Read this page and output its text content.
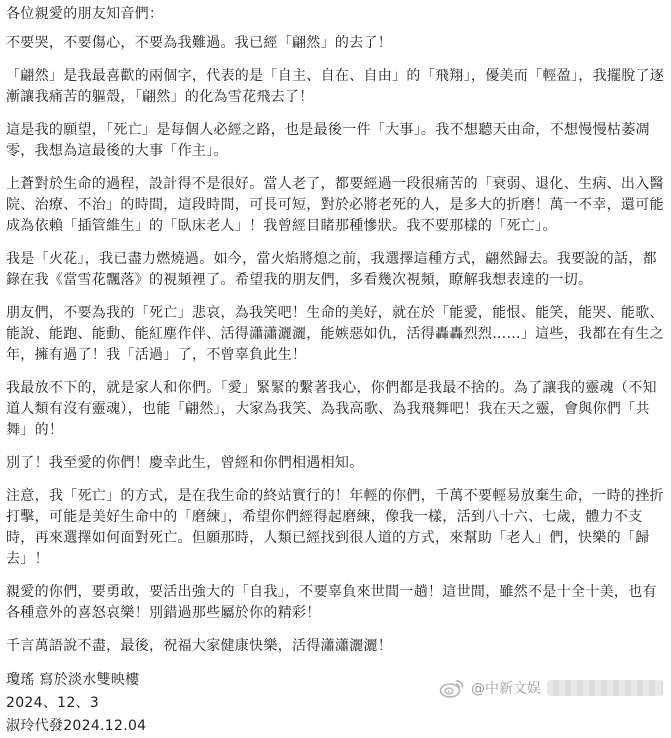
各位親愛的朋友知音們：

不要哭，不要傷心，不要為我難過。我已經「翩然」的去了！

「翩然」是我最喜歡的兩個字，代表的是「自主、自在、自由」的「飛翔」，優美而「輕盈」，我擺脫了逐漸讓我痛苦的軀殼，「翩然」的化為雪花飛去了！

這是我的願望，「死亡」是每個人必經之路，也是最後一件「大事」。我不想聽天由命，不想慢慢枯萎凋零，我想為這最後的大事「作主」。

上蒼對於生命的過程，設計得不是很好。當人老了，都要經過一段很痛苦的「衰弱、退化、生病、出入醫院、治療、不治」的時間，這段時間，可長可短，對於必將老死的人，是多大的折磨！萬一不幸，還可能成為依賴「插管維生」的「臥床老人」！我曾經目睹那種慘狀。我不要那樣的「死亡」。

我是「火花」，我已盡力燃燒過。如今，當火焰將熄之前，我選擇這種方式，翩然歸去。我要說的話，都錄在我《當雪花飄落》的視頻裡了。希望我的朋友們，多看幾次視頻，瞭解我想表達的一切。

朋友們，不要為我的「死亡」悲哀，為我笑吧！生命的美好，就在於「能愛，能恨、能笑，能哭、能歌、能說、能跑、能動、能紅塵作伴、活得瀟瀟灑灑，能嫉惡如仇，活得轟轟烈烈……」這些，我都在有生之年，擁有過了！我「活過」了，不曾辜負此生！

我最放不下的，就是家人和你們。「愛」緊緊的繫著我心，你們都是我最不捨的。為了讓我的靈魂（不知道人類有沒有靈魂），也能「翩然」，大家為我笑、為我高歌、為我飛舞吧！我在天之靈，會與你們「共舞」的！

別了！我至愛的你們！慶幸此生，曾經和你們相遇相知。

注意，我「死亡」的方式，是在我生命的終站實行的！年輕的你們，千萬不要輕易放棄生命，一時的挫折打擊，可能是美好生命中的「磨練」，希望你們經得起磨練，像我一樣，活到八十六、七歲，體力不支時，再來選擇如何面對死亡。但願那時，人類已經找到很人道的方式，來幫助「老人」們，快樂的「歸去」！

親愛的你們，要勇敢，要活出強大的「自我」，不要辜負來世間一趟！這世間，雖然不是十全十美，也有各種意外的喜怒哀樂！別錯過那些屬於你的精彩！

千言萬語說不盡，最後，祝福大家健康快樂，活得瀟瀟灑灑！

瓊瑤 寫於淡水雙映樓

2024、12、3

淑玲代發2024.12.04

@中新文娱
